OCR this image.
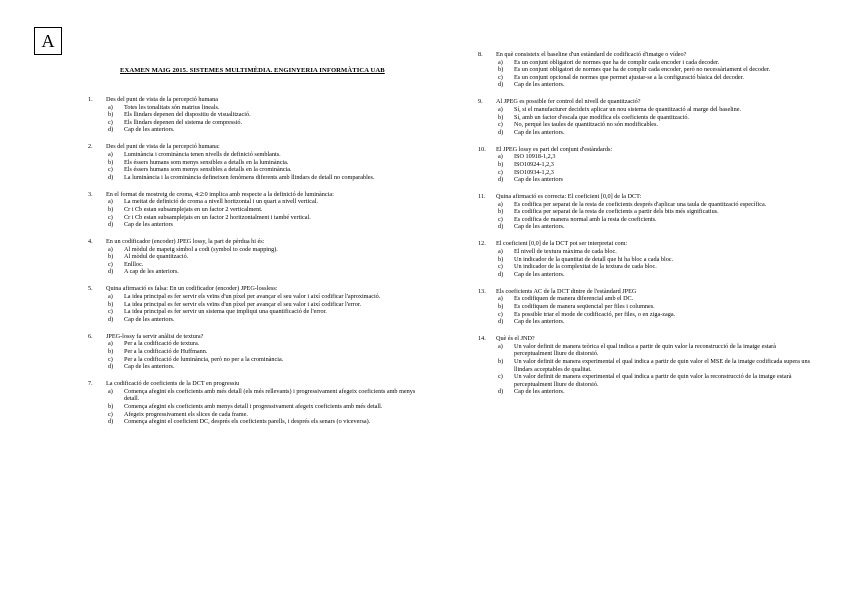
A
EXAMEN MAIG 2015. SISTEMES MULTIMÈDIA. ENGINYERIA INFORMÀTICA UAB
1.	Des del punt de vista de la percepció humana
a)	Totes les tonalitats són matrius lineals.
b)	Els llindars depenen del dispositiu de visualització.
c)	Els llindars depenen del sistema de compressió.
d)	Cap de les anteriors.
2.	Des del punt de vista de la percepció humana:
a)	Luminància i crominància tenen nivells de definició semblants.
b)	Els éssers humans som menys sensibles a detalls en la luminància.
c)	Els éssers humans som menys sensibles a detalls en la crominància.
d)	La luminància i la crominància defineixen fenòmens diferents amb llindars de detall no comparables.
3.	En el format de mostreig de croma, 4:2:0 implica amb respecte a la definició de luminància:
a)	La meitat de definició de croma a nivell horitzontal i un quart a nivell vertical.
b)	Cr i Cb estan subsamplejats en un factor 2 verticalment.
c)	Cr i Cb estan subsamplejats en un factor 2 horitzontalment i també vertical.
d)	Cap de les anteriors
4.	En un codificador (encoder) JPEG lossy, la part de pèrdua hi és:
a)	Al mòdul de mapeig símbol a codi (symbol to code mapping).
b)	Al mòdul de quantització.
c)	Enllloc.
d)	A cap de les anteriors.
5.	Quina afirmació es falsa: En un codificador (encoder) JPEG-lossless:
a)	La idea principal es fer servir els veïns d'un píxel per avançar el seu valor i així codificar l'aproximació.
b)	La idea principal es fer servir els veïns d'un píxel per avançar el seu valor i així codificar l'error.
c)	La idea principal es fer servir un sistema que impliqui una quantificació de l'error.
d)	Cap de les anteriors.
6.	JPEG-lossy fa servir anàlisi de textura?
a)	Per a la codificació de textura.
b)	Per a la codificació de Huffmann.
c)	Per a la codificació de luminància, però no per a la crominància.
d)	Cap de les anteriors.
7.	La codificació de coeficients de la DCT en progressiu
a)	Comença afegint els coeficients amb més detall (els més rellevants) i progressivament afegeix coeficients amb menys detall.
b)	Comença afegint els coeficients amb menys detall i progressivament afegeix coeficients amb més detall.
c)	Afegeix progressivament els slices de cada frame.
d)	Comença afegint el coeficient DC, després els coeficients parells, i després els senars (o viceversa).
8.	En què consisteix el baseline d'un estàndard de codificació d'imatge o vídeo?
a)	Es un conjunt obligatori de normes que ha de complir cada encoder i cada decoder.
b)	Es un conjunt obligatori de normes que ha de complir cada encoder, però no necessàriament el decoder.
c)	Es un conjunt opcional de normes que permet ajustar-se a la configuració bàsica del decoder.
d)	Cap de les anteriors.
9.	Al JPEG es possible fer control del nivell de quantització?
a)	Sí, si el manufacturer decideix aplicar un nou sistema de quantització al marge del baseline.
b)	Sí, amb un factor d'escala que modifica els coeficients de quantització.
c)	No, perquè les taules de quantització no són modificables.
d)	Cap de les anteriors.
10.	El JPEG lossy es part del conjunt d'estàndards:
a)	ISO 10918-1,2,3
b)	ISO10924-1,2,3
c)	ISO10934-1,2,3
d)	Cap de les anteriors
11.	Quina afirmació es correcta: El coeficient [0,0] de la DCT:
a)	Es codifica per separat de la resta de coeficients després d'aplicar una taula de quantització específica.
b)	Es codifica per separat de la resta de coeficients a partir dels bits més significatius.
c)	Es codifica de manera normal amb la resta de coeficients.
d)	Cap de les anteriors.
12.	El coeficient [0,0] de la DCT pot ser interpretat com:
a)	El nivell de textura màxima de cada bloc.
b)	Un indicador de la quantitat de detall que hi ha bloc a cada bloc.
c)	Un indicador de la complexitat de la textura de cada bloc.
d)	Cap de les anteriors.
13.	Els coeficients AC de la DCT dintre de l'estàndard JPEG
a)	Es codifiquen de manera diferencial amb el DC.
b)	Es codifiquen de manera seqüencial per files i columnes.
c)	Es possible triar el mode de codificació, per files, o en ziga-zaga.
d)	Cap de les anteriors.
14.	Què és el JND?
a)	Un valor definit de manera teòrica el qual indica a partir de quin valor la reconstrucció de la imatge estarà perceptualment lliure de distorsió.
b)	Un valor definit de manera experimental el qual indica a partir de quin valor el MSE de la imatge codificada supera uns llindars acceptables de qualitat.
c)	Un valor definit de manera experimental el qual indica a partir de quin valor la reconstrucció de la imatge estarà perceptualment lliure de distorsió.
d)	Cap de les anteriors.
